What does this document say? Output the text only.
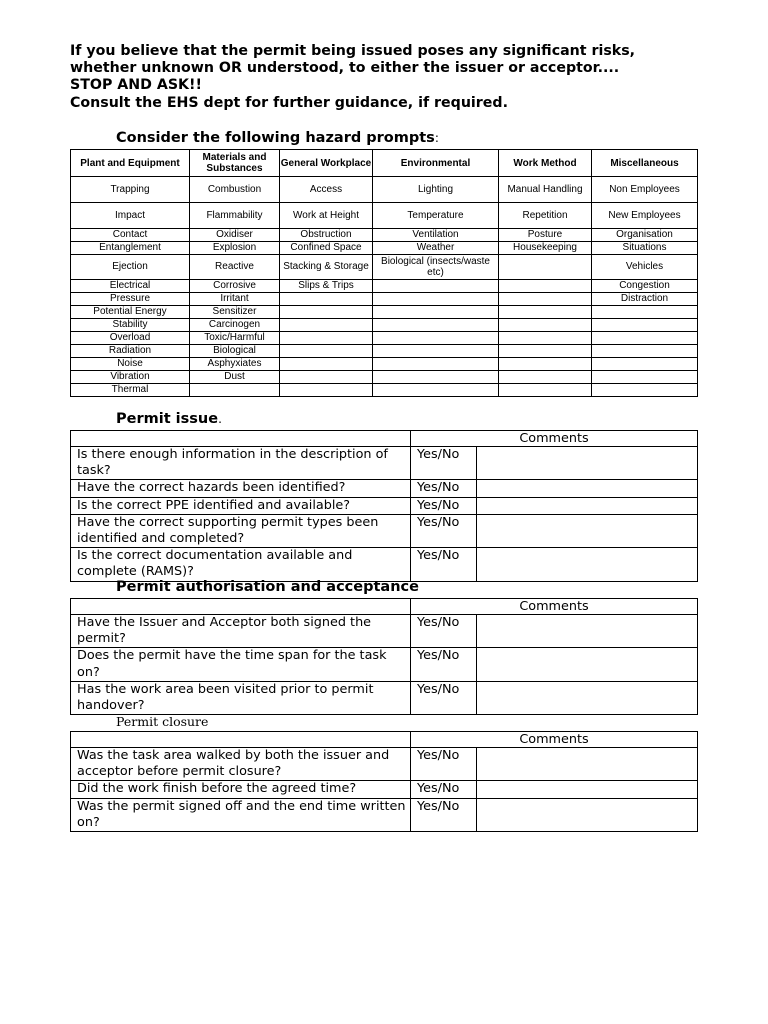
If you believe that the permit being issued poses any significant risks,
whether unknown OR understood, to either the issuer or acceptor....
STOP AND ASK!!
Consult the EHS dept for further guidance, if required.
Consider the following hazard prompts:
Plant and Equipment	Materials and Substances	General Workplace	Environmental	Work Method	Miscellaneous
Trapping	Combustion	Access	Lighting	Manual Handling	Non Employees
Impact	Flammability	Work at Height	Temperature	Repetition	New Employees
Contact	Oxidiser	Obstruction	Ventilation	Posture	Organisation
Entanglement	Explosion	Confined Space	Weather	Housekeeping	Situations
Ejection	Reactive	Stacking & Storage	Biological (insects/waste etc)		Vehicles
Electrical	Corrosive	Slips & Trips			Congestion
Pressure	Irritant				Distraction
Potential Energy	Sensitizer				
Stability	Carcinogen				
Overload	Toxic/Harmful				
Radiation	Biological				
Noise	Asphyxiates				
Vibration	Dust				
Thermal					
Permit issue.
	Comments	
Is there enough information in the description of task?	Yes/No	
Have the correct hazards been identified?	Yes/No	
Is the correct PPE identified and available?	Yes/No	
Have the correct supporting permit types been identified and completed?	Yes/No	
Is the correct documentation available and complete (RAMS)?	Yes/No	
Permit authorisation and acceptance
	Comments	
Have the Issuer and Acceptor both signed the permit?	Yes/No	
Does the permit have the time span for the task on?	Yes/No	
Has the work area been visited prior to permit handover?	Yes/No	
Permit closure
	Comments	
Was the task area walked by both the issuer and acceptor before permit closure?	Yes/No	
Did the work finish before the agreed time?	Yes/No	
Was the permit signed off and the end time written on?	Yes/No	
